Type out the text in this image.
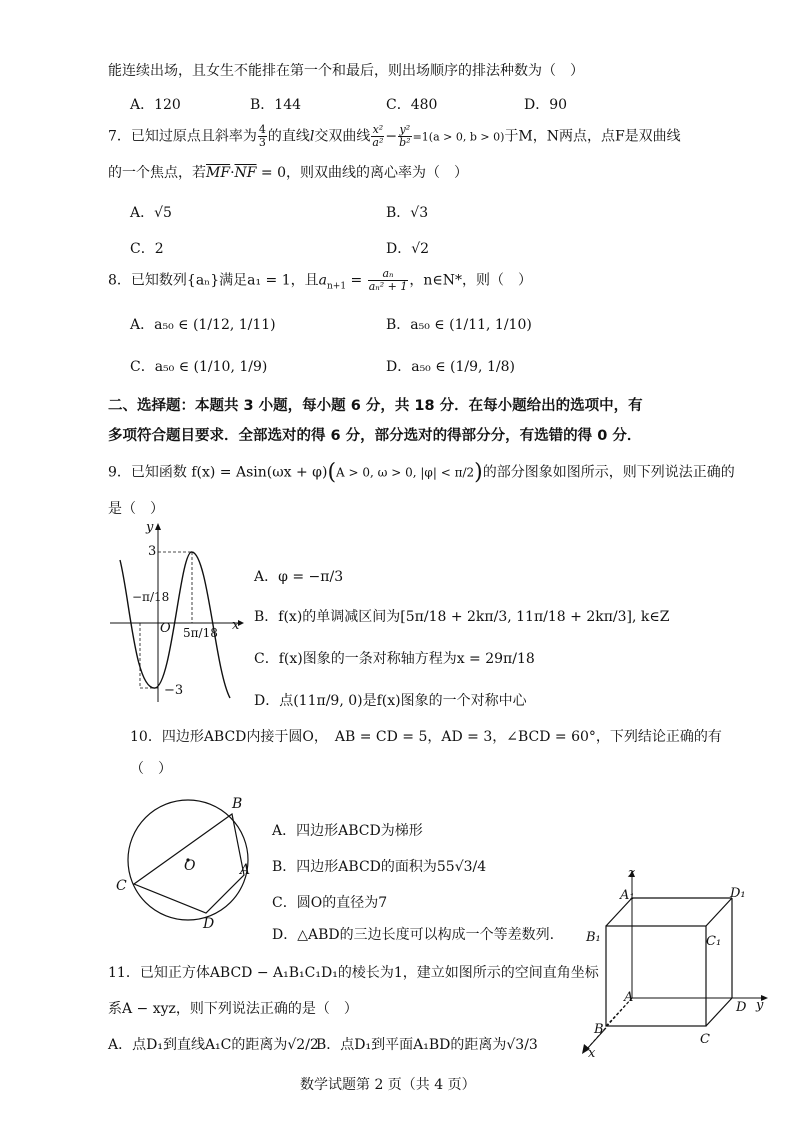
能连续出场，且女生不能排在第一个和最后，则出场顺序的排法种数为（　）
A．120	B．144	C．480	D．90
7．已知过原点且斜率为 $\frac{4}{3}$ 的直线l交双曲线 $\frac{\text{x²}}{\text{a²}} - \frac{\text{y²}}{\text{b²}} =1(a > 0$, b > 0)于M，N两点，点F是双曲线
的一个焦点，若$\overline{MF}\cdot\overline{NF} = 0$，则双曲线的离心率为（　）
A．√5	B．√3
C．2	D．√2
8．已知数列{aₙ}满足a₁ = 1，且$a_{n+1} = \frac{\text{aₙ}}{\text{aₙ² + 1}}$ ，n∈N*，则（　）
A．a₅₀ ∈ (1/12, 1/11)	B．a₅₀ ∈ (1/11, 1/10)
C．a₅₀ ∈ (1/10, 1/9)	D．a₅₀ ∈ (1/9, 1/8)
二、选择题：本题共 3 小题，每小题 6 分，共 18 分．在每小题给出的选项中，有
多项符合题目要求．全部选对的得 6 分，部分选对的得部分分，有选错的得 0 分．
9．已知函数 f(x) = Asin(ωx + φ)(A > 0, ω > 0, |φ| < π/2)的部分图象如图所示，则下列说法正确的
是（　）
y
x
O
3
−3
−π/18
5π/18
A．φ = −π/3
B．f(x)的单调减区间为[5π/18 + 2kπ/3, 11π/18 + 2kπ/3], k∈Z
C．f(x)图象的一条对称轴方程为x = 29π/18
D．点(11π/9, 0)是f(x)图象的一个对称中心
10．四边形ABCD内接于圆O，　AB = CD = 5，AD = 3，∠BCD = 60°，下列结论正确的有
（　）
B
C
D
A
O
A．四边形ABCD为梯形
B．四边形ABCD的面积为55√3/4
C．圆O的直径为7
D．△ABD的三边长度可以构成一个等差数列.
11．已知正方体ABCD − A₁B₁C₁D₁的棱长为1，建立如图所示的空间直角坐标
系A − xyz，则下列说法正确的是（　）
A．点D₁到直线A₁C的距离为√2/2
B．点D₁到平面A₁BD的距离为√3/3
z
y
x
A₁	D₁
B₁	C₁
A
D
B
C
数学试题第 2 页（共 4 页）
